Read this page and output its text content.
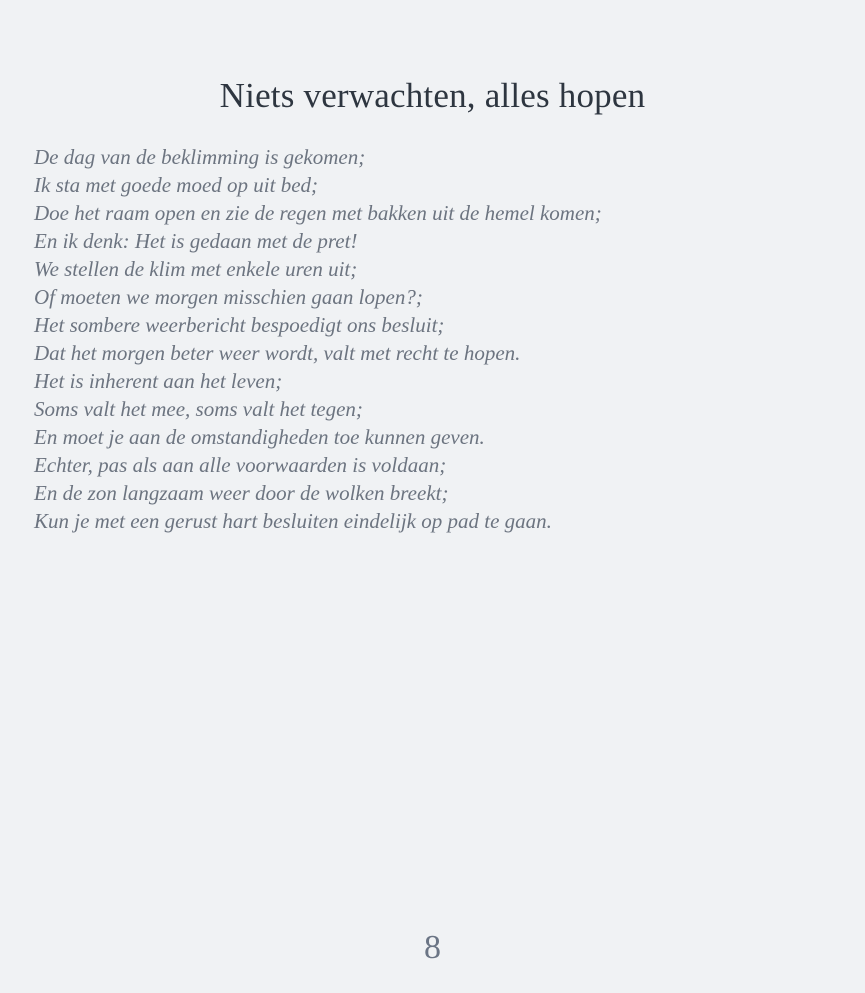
Niets verwachten, alles hopen
De dag van de beklimming is gekomen;
Ik sta met goede moed op uit bed;
Doe het raam open en zie de regen met bakken uit de hemel komen;
En ik denk: Het is gedaan met de pret!
We stellen de klim met enkele uren uit;
Of moeten we morgen misschien gaan lopen?;
Het sombere weerbericht bespoedigt ons besluit;
Dat het morgen beter weer wordt, valt met recht te hopen.
Het is inherent aan het leven;
Soms valt het mee, soms valt het tegen;
En moet je aan de omstandigheden toe kunnen geven.
Echter, pas als aan alle voorwaarden is voldaan;
En de zon langzaam weer door de wolken breekt;
Kun je met een gerust hart besluiten eindelijk op pad te gaan.
8
